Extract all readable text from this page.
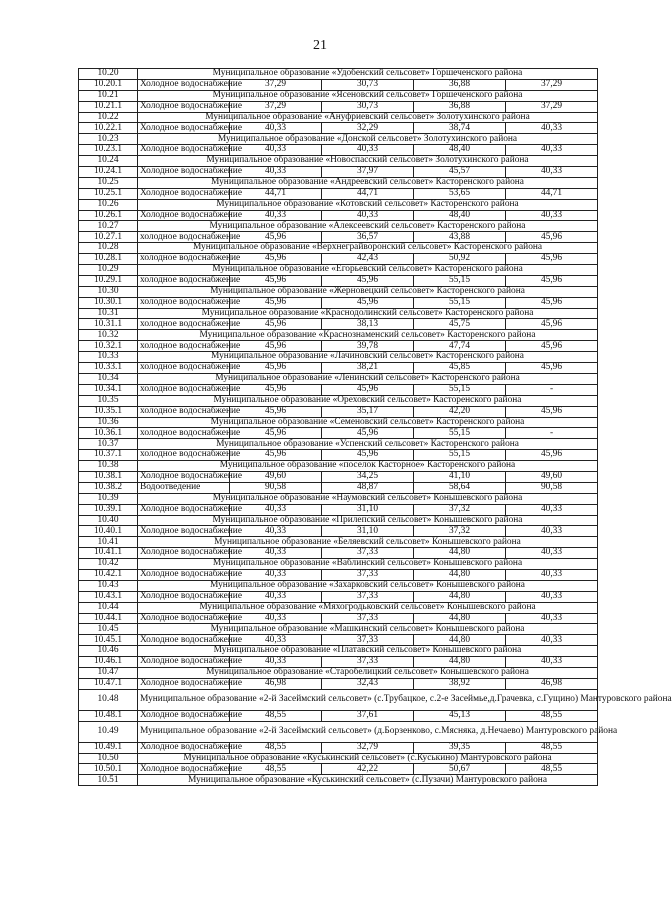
21
10.20	Муниципальное образование «Удобенский сельсовет» Горшеченского района				
10.20.1	Холодное водоснабжение	37,29	30,73	36,88	37,29
10.21	Муниципальное образование «Ясеновский сельсовет» Горшеченского района				
10.21.1	Холодное водоснабжение	37,29	30,73	36,88	37,29
10.22	Муниципальное образование «Ануфриевский сельсовет» Золотухинского района				
10.22.1	Холодное водоснабжение	40,33	32,29	38,74	40,33
10.23	Муниципальное образование «Донской сельсовет» Золотухинского района				
10.23.1	Холодное водоснабжение	40,33	40,33	48,40	40,33
10.24	Муниципальное образование «Новоспасский сельсовет» Золотухинского района				
10.24.1	Холодное водоснабжение	40,33	37,97	45,57	40,33
10.25	Муниципальное образование «Андреевский сельсовет» Касторенского района				
10.25.1	Холодное водоснабжение	44,71	44,71	53,65	44,71
10.26	Муниципальное образование «Котовский сельсовет» Касторенского района				
10.26.1	Холодное водоснабжение	40,33	40,33	48,40	40,33
10.27	Муниципальное образование «Алексеевский сельсовет» Касторенского района				
10.27.1	холодное водоснабжение	45,96	36,57	43,88	45,96
10.28	Муниципальное образование «Верхнеграйворонский сельсовет» Касторенского района				
10.28.1	холодное водоснабжение	45,96	42,43	50,92	45,96
10.29	Муниципальное образование «Егорьевский сельсовет» Касторенского района				
10.29.1	холодное водоснабжение	45,96	45,96	55,15	45,96
10.30	Муниципальное образование «Жерновецкий сельсовет» Касторенского района				
10.30.1	холодное водоснабжение	45,96	45,96	55,15	45,96
10.31	Муниципальное образование «Краснодолинский сельсовет» Касторенского района				
10.31.1	холодное водоснабжение	45,96	38,13	45,75	45,96
10.32	Муниципальное образование «Краснознаменский сельсовет» Касторенского района				
10.32.1	холодное водоснабжение	45,96	39,78	47,74	45,96
10.33	Муниципальное образование «Лачиновский сельсовет» Касторенского района				
10.33.1	холодное водоснабжение	45,96	38,21	45,85	45,96
10.34	Муниципальное образование «Ленинский сельсовет» Касторенского района				
10.34.1	холодное водоснабжение	45,96	45,96	55,15	-
10.35	Муниципальное образование «Ореховский сельсовет» Касторенского района				
10.35.1	холодное водоснабжение	45,96	35,17	42,20	45,96
10.36	Муниципальное образование «Семеновский сельсовет» Касторенского района				
10.36.1	холодное водоснабжение	45,96	45,96	55,15	-
10.37	Муниципальное образование «Успенский сельсовет» Касторенского района				
10.37.1	холодное водоснабжение	45,96	45,96	55,15	45,96
10.38	Муниципальное образование «поселок Касторное» Касторенского района				
10.38.1	Холодное водоснабжение	49,60	34,25	41,10	49,60
10.38.2	Водоотведение	90,58	48,87	58,64	90,58
10.39	Муниципальное образование «Наумовский сельсовет» Конышевского района				
10.39.1	Холодное водоснабжение	40,33	31,10	37,32	40,33
10.40	Муниципальное образование «Прилепский сельсовет» Конышевского района				
10.40.1	Холодное водоснабжение	40,33	31,10	37,32	40,33
10.41	Муниципальное образование «Беляевский сельсовет» Конышевского района				
10.41.1	Холодное водоснабжение	40,33	37,33	44,80	40,33
10.42	Муниципальное образование «Ваблинский сельсовет» Конышевского района				
10.42.1	Холодное водоснабжение	40,33	37,33	44,80	40,33
10.43	Муниципальное образование «Захарковский сельсовет» Конышевского района				
10.43.1	Холодное водоснабжение	40,33	37,33	44,80	40,33
10.44	Муниципальное образование «Мяхогродьковский сельсовет» Конышевского района				
10.44.1	Холодное водоснабжение	40,33	37,33	44,80	40,33
10.45	Муниципальное образование «Машкинский сельсовет» Конышевского района				
10.45.1	Холодное водоснабжение	40,33	37,33	44,80	40,33
10.46	Муниципальное образование «Платавский сельсовет» Конышевского района				
10.46.1	Холодное водоснабжение	40,33	37,33	44,80	40,33
10.47	Муниципальное образование «Старобелицкий сельсовет» Конышевского района				
10.47.1	Холодное водоснабжение	46,98	32,43	38,92	46,98
10.48	Муниципальное образование «2-й Засеймский сельсовет» (с.Трубацкое, с.2-е Засеймье,д.Грачевка, с.Гущино) Мантуровского района				
10.48.1	Холодное водоснабжение	48,55	37,61	45,13	48,55
10.49	Муниципальное образование «2-й Засеймский сельсовет» (д.Борзенково, с.Мясняка, д.Нечаево) Мантуровского района				
10.49.1	Холодное водоснабжение	48,55	32,79	39,35	48,55
10.50	Муниципальное образование «Куськинский сельсовет» (с.Куськино) Мантуровского района				
10.50.1	Холодное водоснабжение	48,55	42,22	50,67	48,55
10.51	Муниципальное образование «Куськинский сельсовет» (с.Пузачи) Мантуровского района				
